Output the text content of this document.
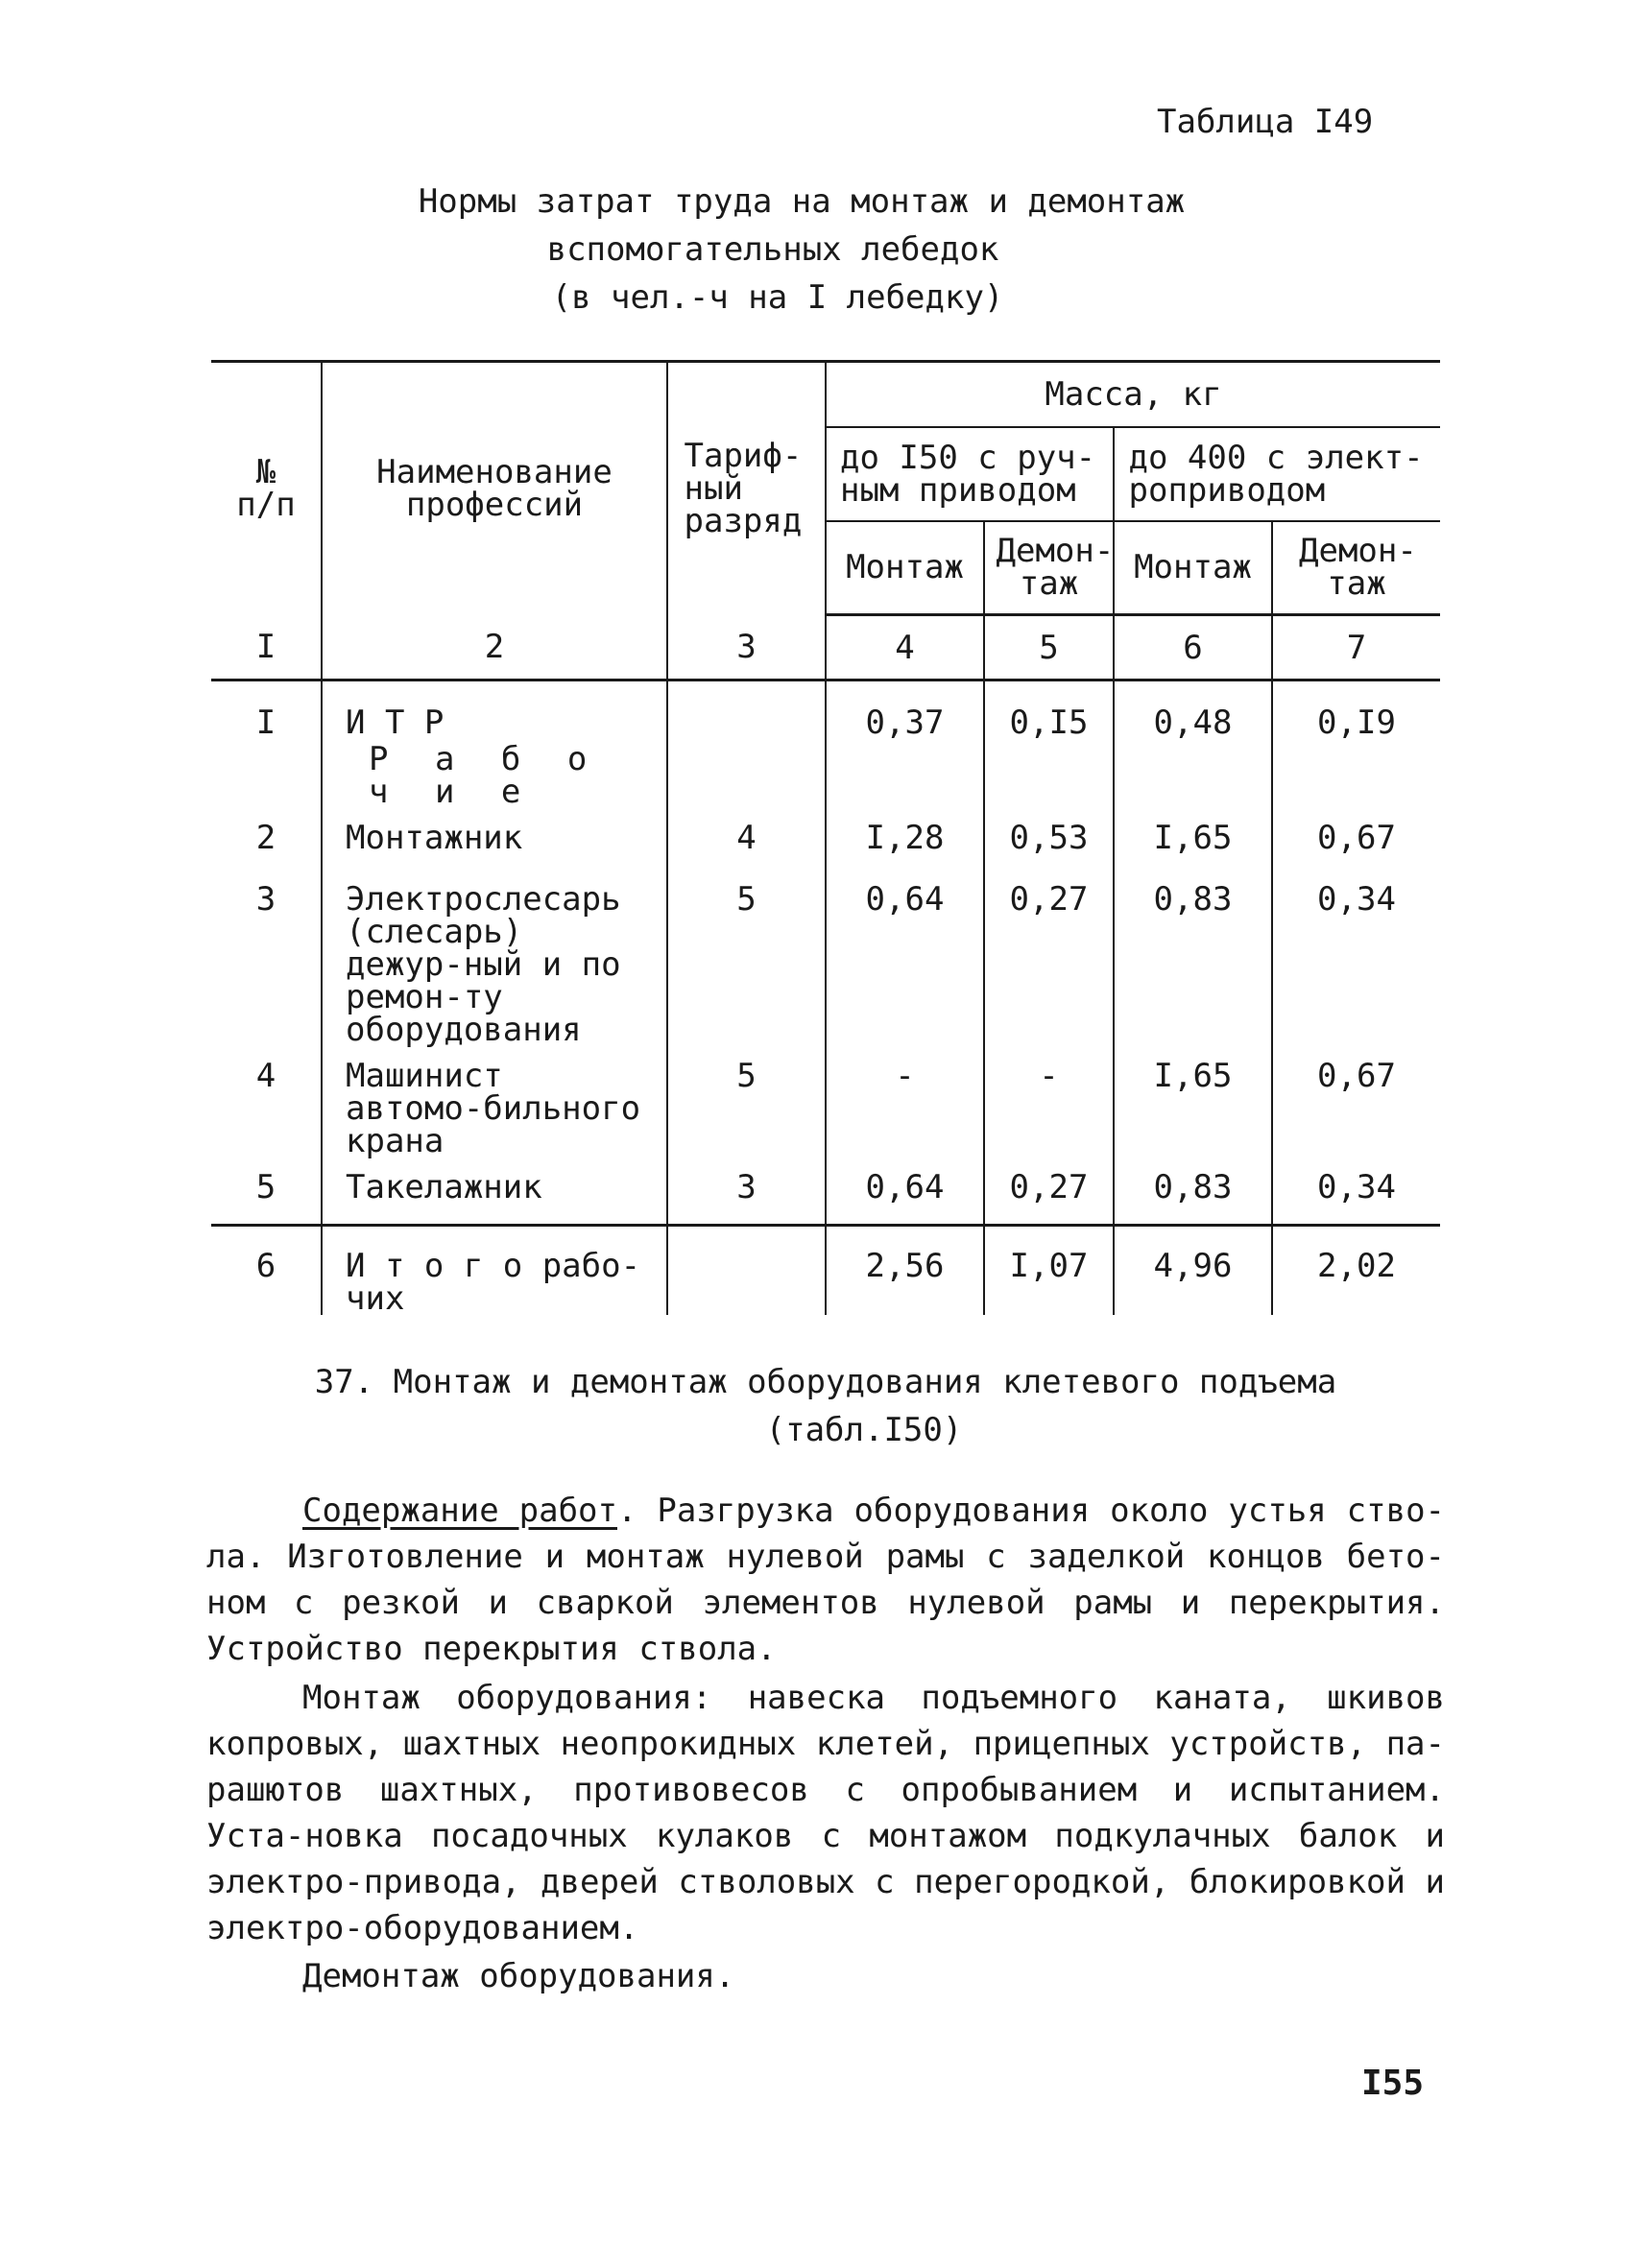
Таблица I49
Нормы затрат труда на монтаж и демонтаж
вспомогательных лебедок
(в чел.-ч на I лебедку)
№ п/п	Наименование профессий	Тариф-ный разряд	Масса, кг			

			до I50 с руч-ным приводом		до 400 с элект-роприводом	

			Монтаж	Демон-таж	Монтаж	Демон-таж

I	2	3	4	5	6	7
I	И Т Р		0,37	0,I5	0,48	0,I9
	Р а б о ч и е					
2	Монтажник	4	I,28	0,53	I,65	0,67
3	Электрослесарь (слесарь) дежур-ный и по ремон-ту оборудования	5	0,64	0,27	0,83	0,34
4	Машинист автомо-бильного крана	5	-	-	I,65	0,67
5	Такелажник	3	0,64	0,27	0,83	0,34
6	И т о г о рабо-чих		2,56	I,07	4,96	2,02
37. Монтаж и демонтаж оборудования клетевого подъема
(табл.I50)
Содержание работ. Разгрузка оборудования около устья ство-ла. Изготовление и монтаж нулевой рамы с заделкой концов бето-ном с резкой и сваркой элементов нулевой рамы и перекрытия. Устройство перекрытия ствола.
Монтаж оборудования: навеска подъемного каната, шкивов копровых, шахтных неопрокидных клетей, прицепных устройств, па-рашютов шахтных, противовесов с опробыванием и испытанием. Уста-новка посадочных кулаков с монтажом подкулачных балок и электро-привода, дверей стволовых с перегородкой, блокировкой и электро-оборудованием.
Демонтаж оборудования.
I55
